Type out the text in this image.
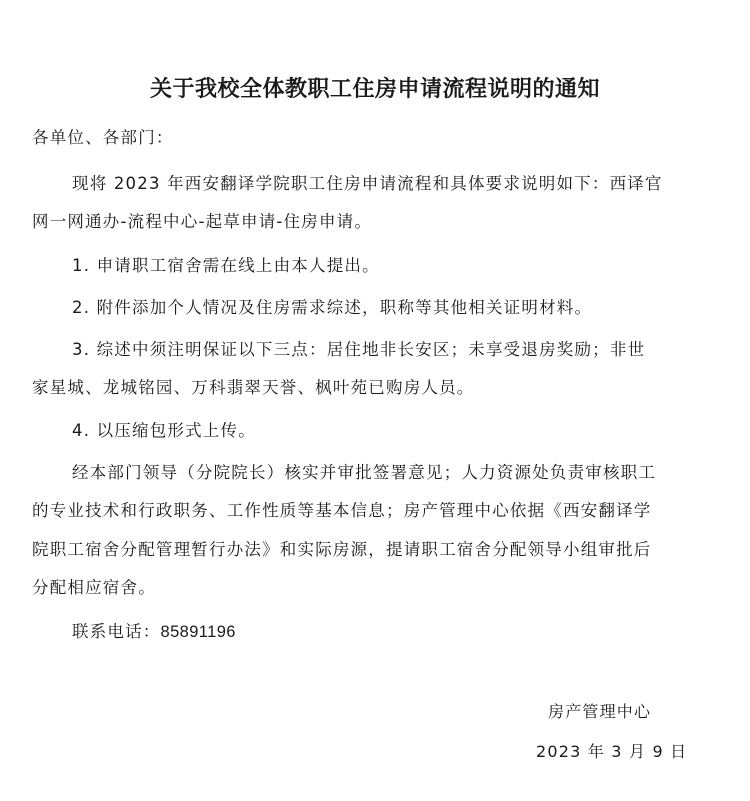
关于我校全体教职工住房申请流程说明的通知
各单位、各部门：
现将 2023 年西安翻译学院职工住房申请流程和具体要求说明如下：西译官
网一网通办-流程中心-起草申请-住房申请。
1. 申请职工宿舍需在线上由本人提出。
2. 附件添加个人情况及住房需求综述，职称等其他相关证明材料。
3. 综述中须注明保证以下三点：居住地非长安区；未享受退房奖励；非世
家星城、龙城铭园、万科翡翠天誉、枫叶苑已购房人员。
4. 以压缩包形式上传。
经本部门领导（分院院长）核实并审批签署意见；人力资源处负责审核职工
的专业技术和行政职务、工作性质等基本信息；房产管理中心依据《西安翻译学
院职工宿舍分配管理暂行办法》和实际房源，提请职工宿舍分配领导小组审批后
分配相应宿舍。
联系电话：85891196
房产管理中心
2023 年 3 月 9 日
